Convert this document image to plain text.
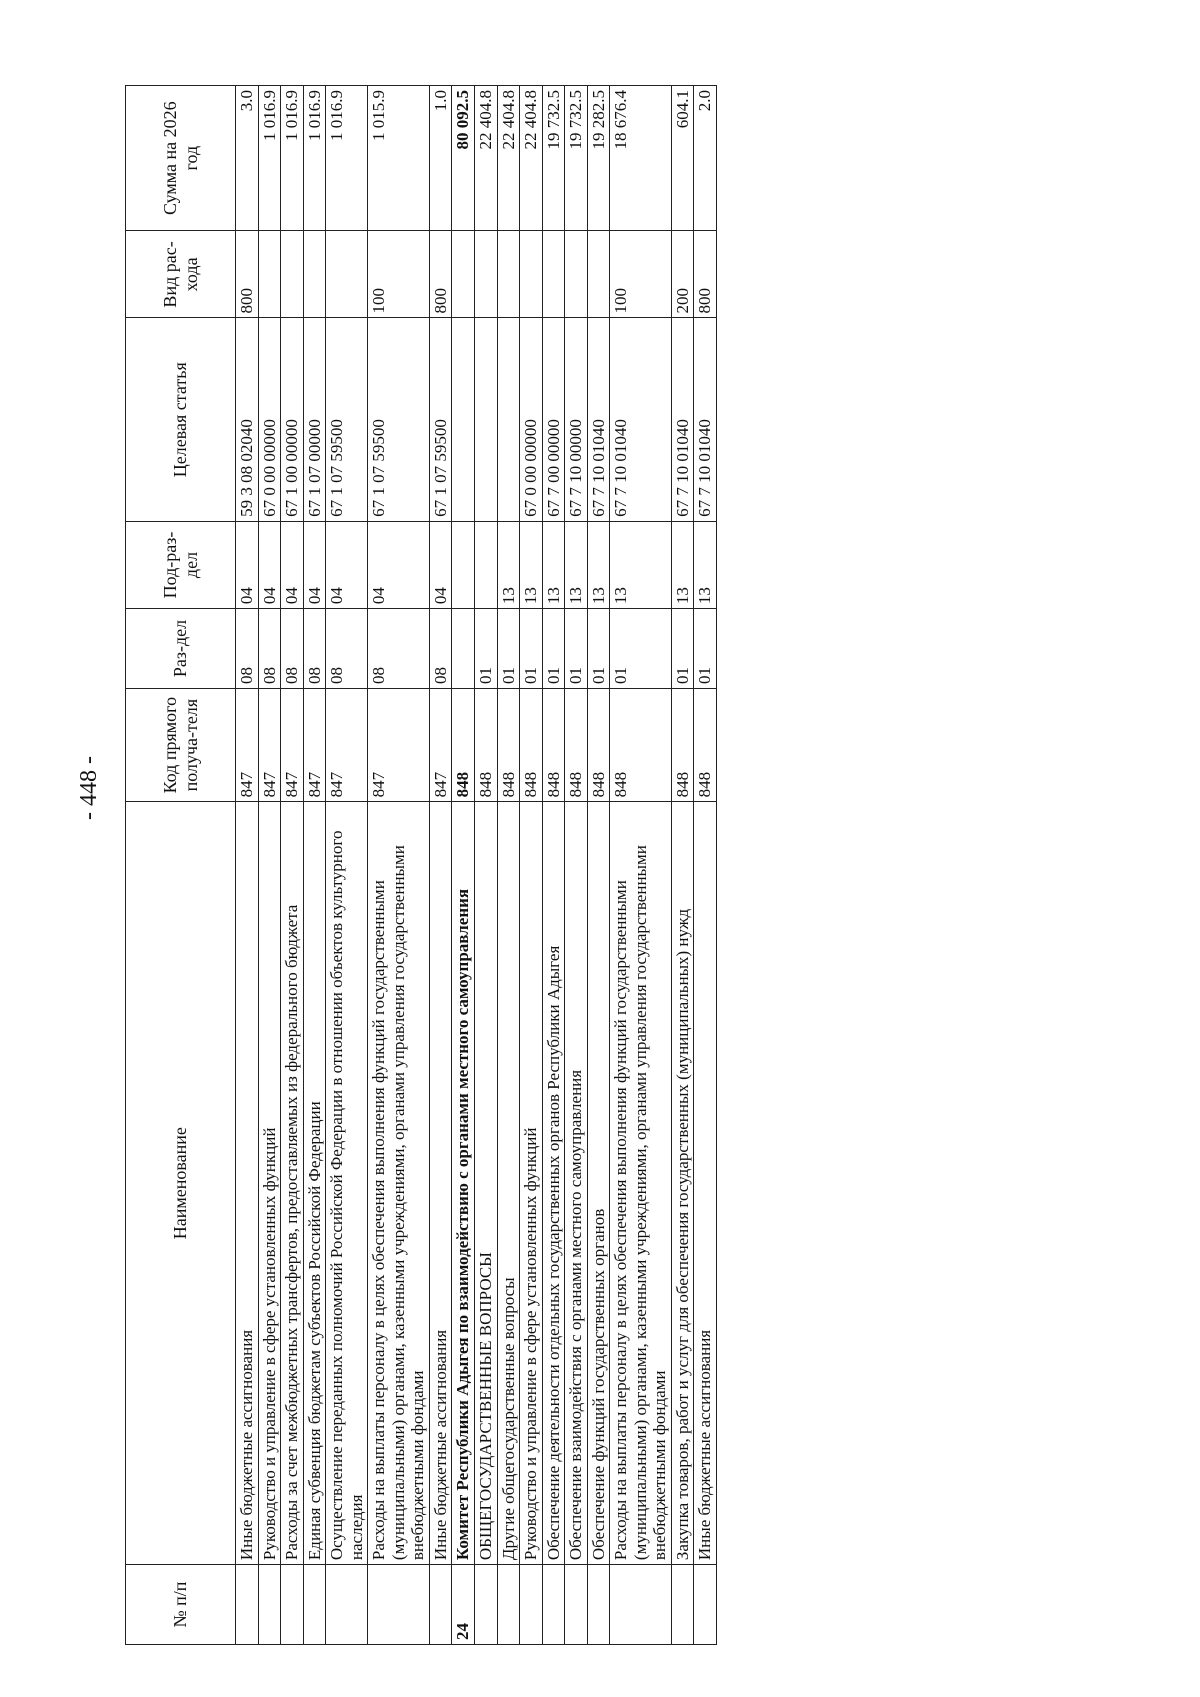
- 448 -
№ п/п	Наименование	Код прямого получа-теля	Раз-дел	Под-раз-дел	Целевая статья	Вид рас-хода	Сумма на 2026 год
	Иные бюджетные ассигнования	847	08	04	59 3 08 02040	800	3.0
	Руководство и управление в сфере установленных функций	847	08	04	67 0 00 00000		1 016.9
	Расходы за счет межбюджетных трансфертов, предоставляемых из федерального бюджета	847	08	04	67 1 00 00000		1 016.9
	Единая субвенция бюджетам субъектов Российской Федерации	847	08	04	67 1 07 00000		1 016.9
	Осуществление переданных полномочий Российской Федерации в отношении объектов культурного наследия	847	08	04	67 1 07 59500		1 016.9
	Расходы на выплаты персоналу в целях обеспечения выполнения функций государственными (муниципальными) органами, казенными учреждениями, органами управления государственными внебюджетными фондами	847	08	04	67 1 07 59500	100	1 015.9
	Иные бюджетные ассигнования	847	08	04	67 1 07 59500	800	1.0
24	Комитет Республики Адыгея по взаимодействию с органами местного самоуправления	848					80 092.5
	ОБЩЕГОСУДАРСТВЕННЫЕ ВОПРОСЫ	848	01				22 404.8
	Другие общегосударственные вопросы	848	01	13			22 404.8
	Руководство и управление в сфере установленных функций	848	01	13	67 0 00 00000		22 404.8
	Обеспечение деятельности отдельных государственных органов Республики Адыгея	848	01	13	67 7 00 00000		19 732.5
	Обеспечение взаимодействия с органами местного самоуправления	848	01	13	67 7 10 00000		19 732.5
	Обеспечение функций государственных органов	848	01	13	67 7 10 01040		19 282.5
	Расходы на выплаты персоналу в целях обеспечения выполнения функций государственными (муниципальными) органами, казенными учреждениями, органами управления государственными внебюджетными фондами	848	01	13	67 7 10 01040	100	18 676.4
	Закупка товаров, работ и услуг для обеспечения государственных (муниципальных) нужд	848	01	13	67 7 10 01040	200	604.1
	Иные бюджетные ассигнования	848	01	13	67 7 10 01040	800	2.0
